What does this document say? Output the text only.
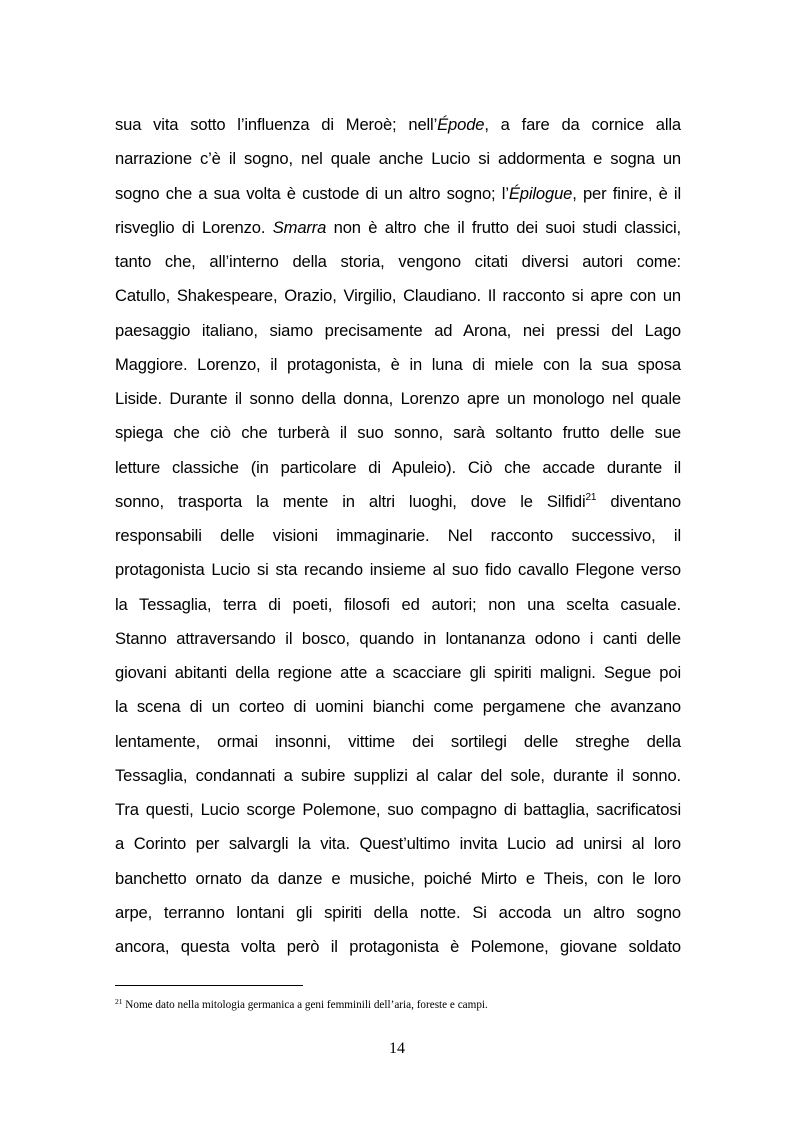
sua vita sotto l’influenza di Meroè; nell’Épode, a fare da cornice alla
narrazione c’è il sogno, nel quale anche Lucio si addormenta e sogna un
sogno che a sua volta è custode di un altro sogno; l’Épilogue, per finire, è il
risveglio di Lorenzo. Smarra non è altro che il frutto dei suoi studi classici,
tanto che, all’interno della storia, vengono citati diversi autori come:
Catullo, Shakespeare, Orazio, Virgilio, Claudiano. Il racconto si apre con un
paesaggio italiano, siamo precisamente ad Arona, nei pressi del Lago
Maggiore. Lorenzo, il protagonista, è in luna di miele con la sua sposa
Liside. Durante il sonno della donna, Lorenzo apre un monologo nel quale
spiega che ciò che turberà il suo sonno, sarà soltanto frutto delle sue
letture classiche (in particolare di Apuleio). Ciò che accade durante il
sonno, trasporta la mente in altri luoghi, dove le Silfidi$^{21}$ diventano
responsabili delle visioni immaginarie. Nel racconto successivo, il
protagonista Lucio si sta recando insieme al suo fido cavallo Flegone verso
la Tessaglia, terra di poeti, filosofi ed autori; non una scelta casuale.
Stanno attraversando il bosco, quando in lontananza odono i canti delle
giovani abitanti della regione atte a scacciare gli spiriti maligni. Segue poi
la scena di un corteo di uomini bianchi come pergamene che avanzano
lentamente, ormai insonni, vittime dei sortilegi delle streghe della
Tessaglia, condannati a subire supplizi al calar del sole, durante il sonno.
Tra questi, Lucio scorge Polemone, suo compagno di battaglia, sacrificatosi
a Corinto per salvargli la vita. Quest’ultimo invita Lucio ad unirsi al loro
banchetto ornato da danze e musiche, poiché Mirto e Theis, con le loro
arpe, terranno lontani gli spiriti della notte. Si accoda un altro sogno
ancora, questa volta però il protagonista è Polemone, giovane soldato
$^{21}$ Nome dato nella mitologia germanica a geni femminili dell’aria, foreste e campi.
14
